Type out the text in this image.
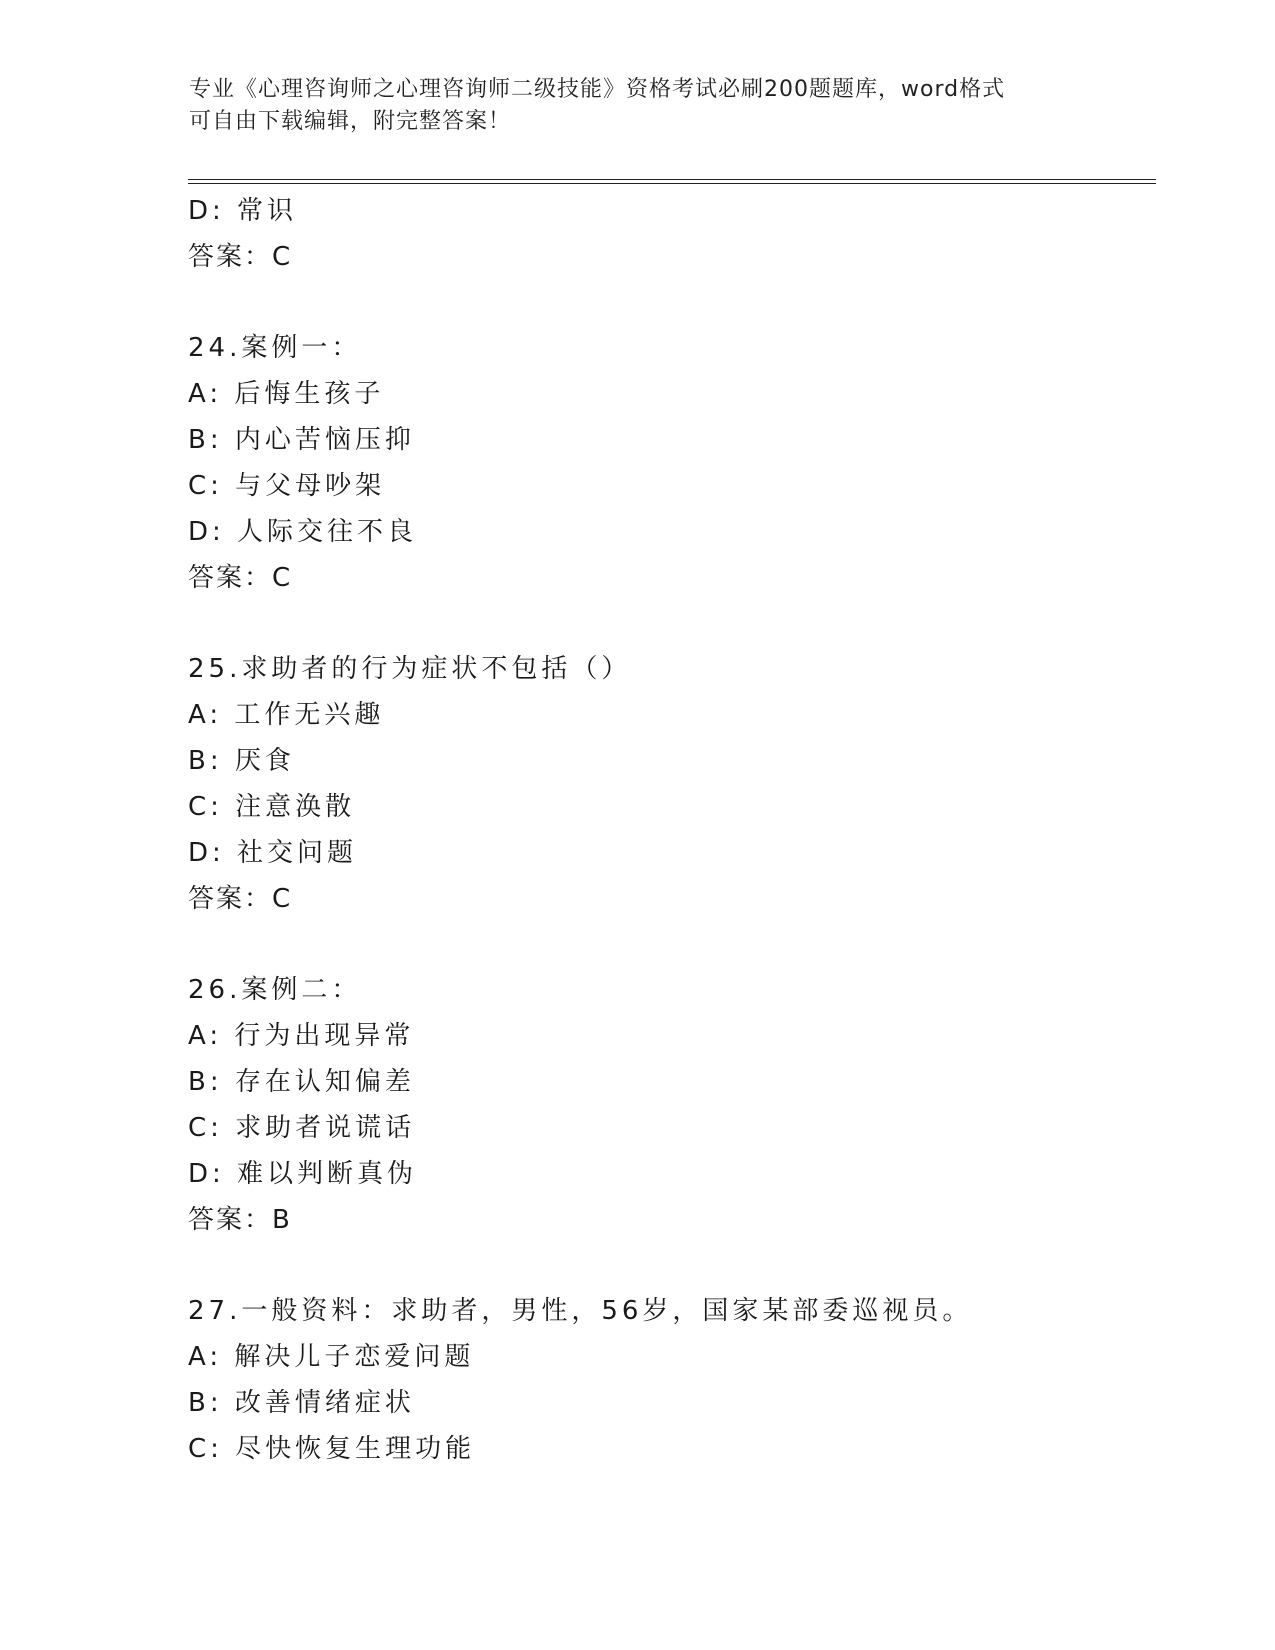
专业《心理咨询师之心理咨询师二级技能》资格考试必刷200题题库，word格式
可自由下载编辑，附完整答案！
D: 常识
答案：C
24.案例一：
A: 后悔生孩子
B: 内心苦恼压抑
C: 与父母吵架
D: 人际交往不良
答案：C
25.求助者的行为症状不包括（）
A: 工作无兴趣
B: 厌食
C: 注意涣散
D: 社交问题
答案：C
26.案例二：
A: 行为出现异常
B: 存在认知偏差
C: 求助者说谎话
D: 难以判断真伪
答案：B
27.一般资料：求助者，男性，56岁，国家某部委巡视员。
A: 解决儿子恋爱问题
B: 改善情绪症状
C: 尽快恢复生理功能
